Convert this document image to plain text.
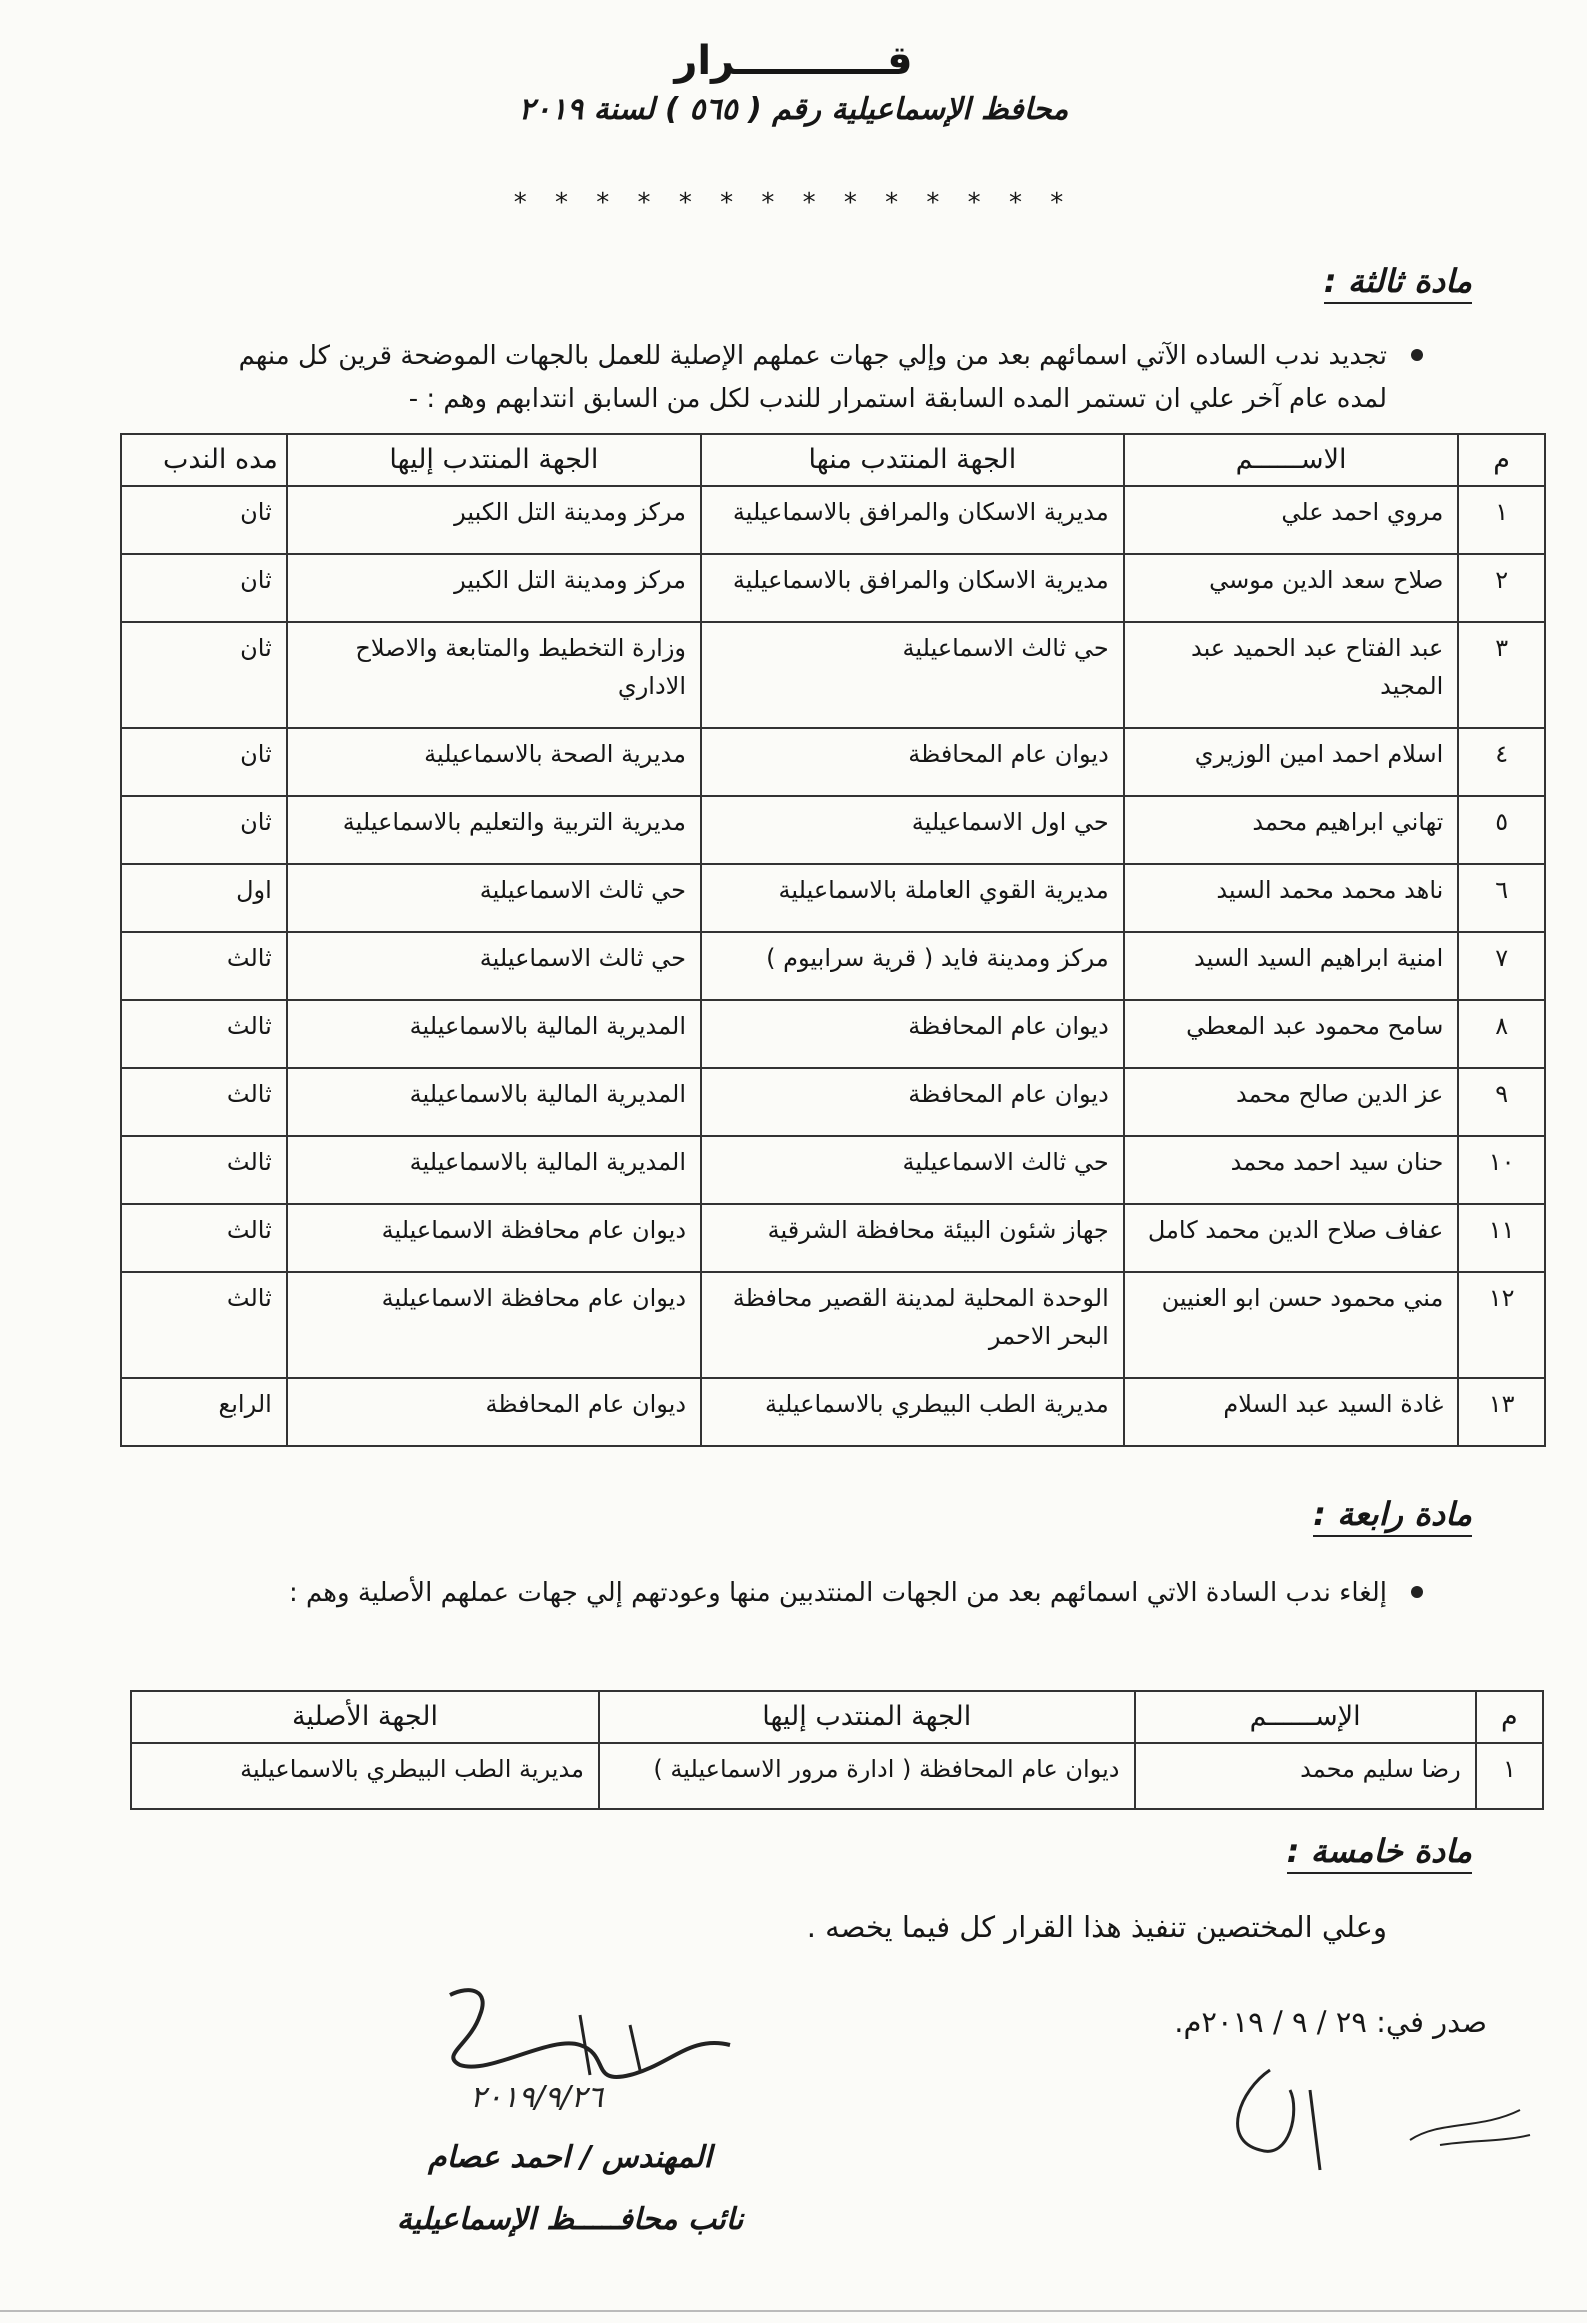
قـــــــــــرار
محافظ الإسماعيلية رقم ( ٥٦٥ ) لسنة ٢٠١٩
* * * * * * * * * * * * * *
مادة ثالثة :
تجديد ندب الساده الآتي اسمائهم بعد من وإلي جهات عملهم الإصلية للعمل بالجهات الموضحة قرين كل منهم لمده عام آخر علي ان تستمر المده السابقة استمرار للندب لكل من السابق انتدابهم وهم : -
م	الاســــــم	الجهة المنتدب منها	الجهة المنتدب إليها	مده الندب
١	مروي احمد علي	مديرية الاسكان والمرافق بالاسماعيلية	مركز ومدينة التل الكبير	ثان
٢	صلاح سعد الدين موسي	مديرية الاسكان والمرافق بالاسماعيلية	مركز ومدينة التل الكبير	ثان
٣	عبد الفتاح عبد الحميد عبد المجيد	حي ثالث الاسماعيلية	وزارة التخطيط والمتابعة والاصلاح الاداري	ثان
٤	اسلام احمد امين الوزيري	ديوان عام المحافظة	مديرية الصحة بالاسماعيلية	ثان
٥	تهاني ابراهيم محمد	حي اول الاسماعيلية	مديرية التربية والتعليم بالاسماعيلية	ثان
٦	ناهد محمد محمد السيد	مديرية القوي العاملة بالاسماعيلية	حي ثالث الاسماعيلية	اول
٧	امنية ابراهيم السيد السيد	مركز ومدينة فايد ( قرية سرابيوم )	حي ثالث الاسماعيلية	ثالث
٨	سامح محمود عبد المعطي	ديوان عام المحافظة	المديرية المالية بالاسماعيلية	ثالث
٩	عز الدين صالح محمد	ديوان عام المحافظة	المديرية المالية بالاسماعيلية	ثالث
١٠	حنان سيد احمد محمد	حي ثالث الاسماعيلية	المديرية المالية بالاسماعيلية	ثالث
١١	عفاف صلاح الدين محمد كامل	جهاز شئون البيئة محافظة الشرقية	ديوان عام محافظة الاسماعيلية	ثالث
١٢	مني محمود حسن ابو العنيين	الوحدة المحلية لمدينة القصير محافظة البحر الاحمر	ديوان عام محافظة الاسماعيلية	ثالث
١٣	غادة السيد عبد السلام	مديرية الطب البيطري بالاسماعيلية	ديوان عام المحافظة	الرابع
مادة رابعة :
إلغاء ندب السادة الاتي اسمائهم بعد من الجهات المنتدبين منها وعودتهم إلي جهات عملهم الأصلية وهم :
م	الإســــــم	الجهة المنتدب إليها	الجهة الأصلية
١	رضا سليم محمد	ديوان عام المحافظة ( ادارة مرور الاسماعيلية )	مديرية الطب البيطري بالاسماعيلية
مادة خامسة :
وعلي المختصين تنفيذ هذا القرار كل فيما يخصه .
صدر في: ٢٩ / ٩ / ٢٠١٩م.
٢٠١٩/٩/٢٦
المهندس / احمد عصام
نائب محافـــــظ الإسماعيلية
